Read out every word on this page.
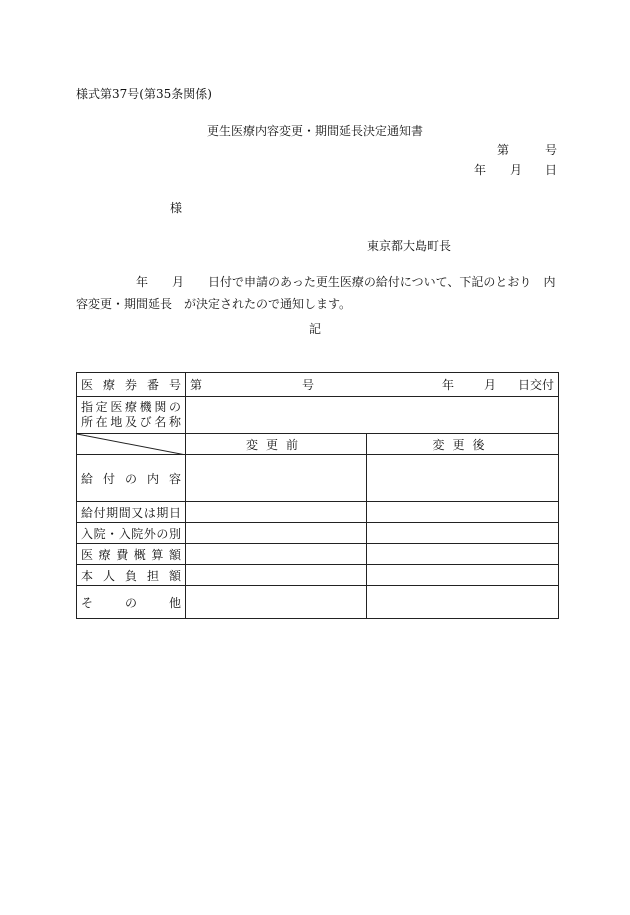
様式第37号(第35条関係)
更生医療内容変更・期間延長決定通知書
第	号
年 月 日
様
東京都大島町長
年 月 日付で申請のあった更生医療の給付について、下記のとおり 内容変更・期間延長 が決定されたので通知します。
記
医療券番号	第 号 年 月 日交付	

指定医療機関の
所在地及び名称		

	変更前	変更後
給付の内容		
給付期間又は期日		
入院・入院外の別		
医療費概算額		
本人負担額		
その他		
